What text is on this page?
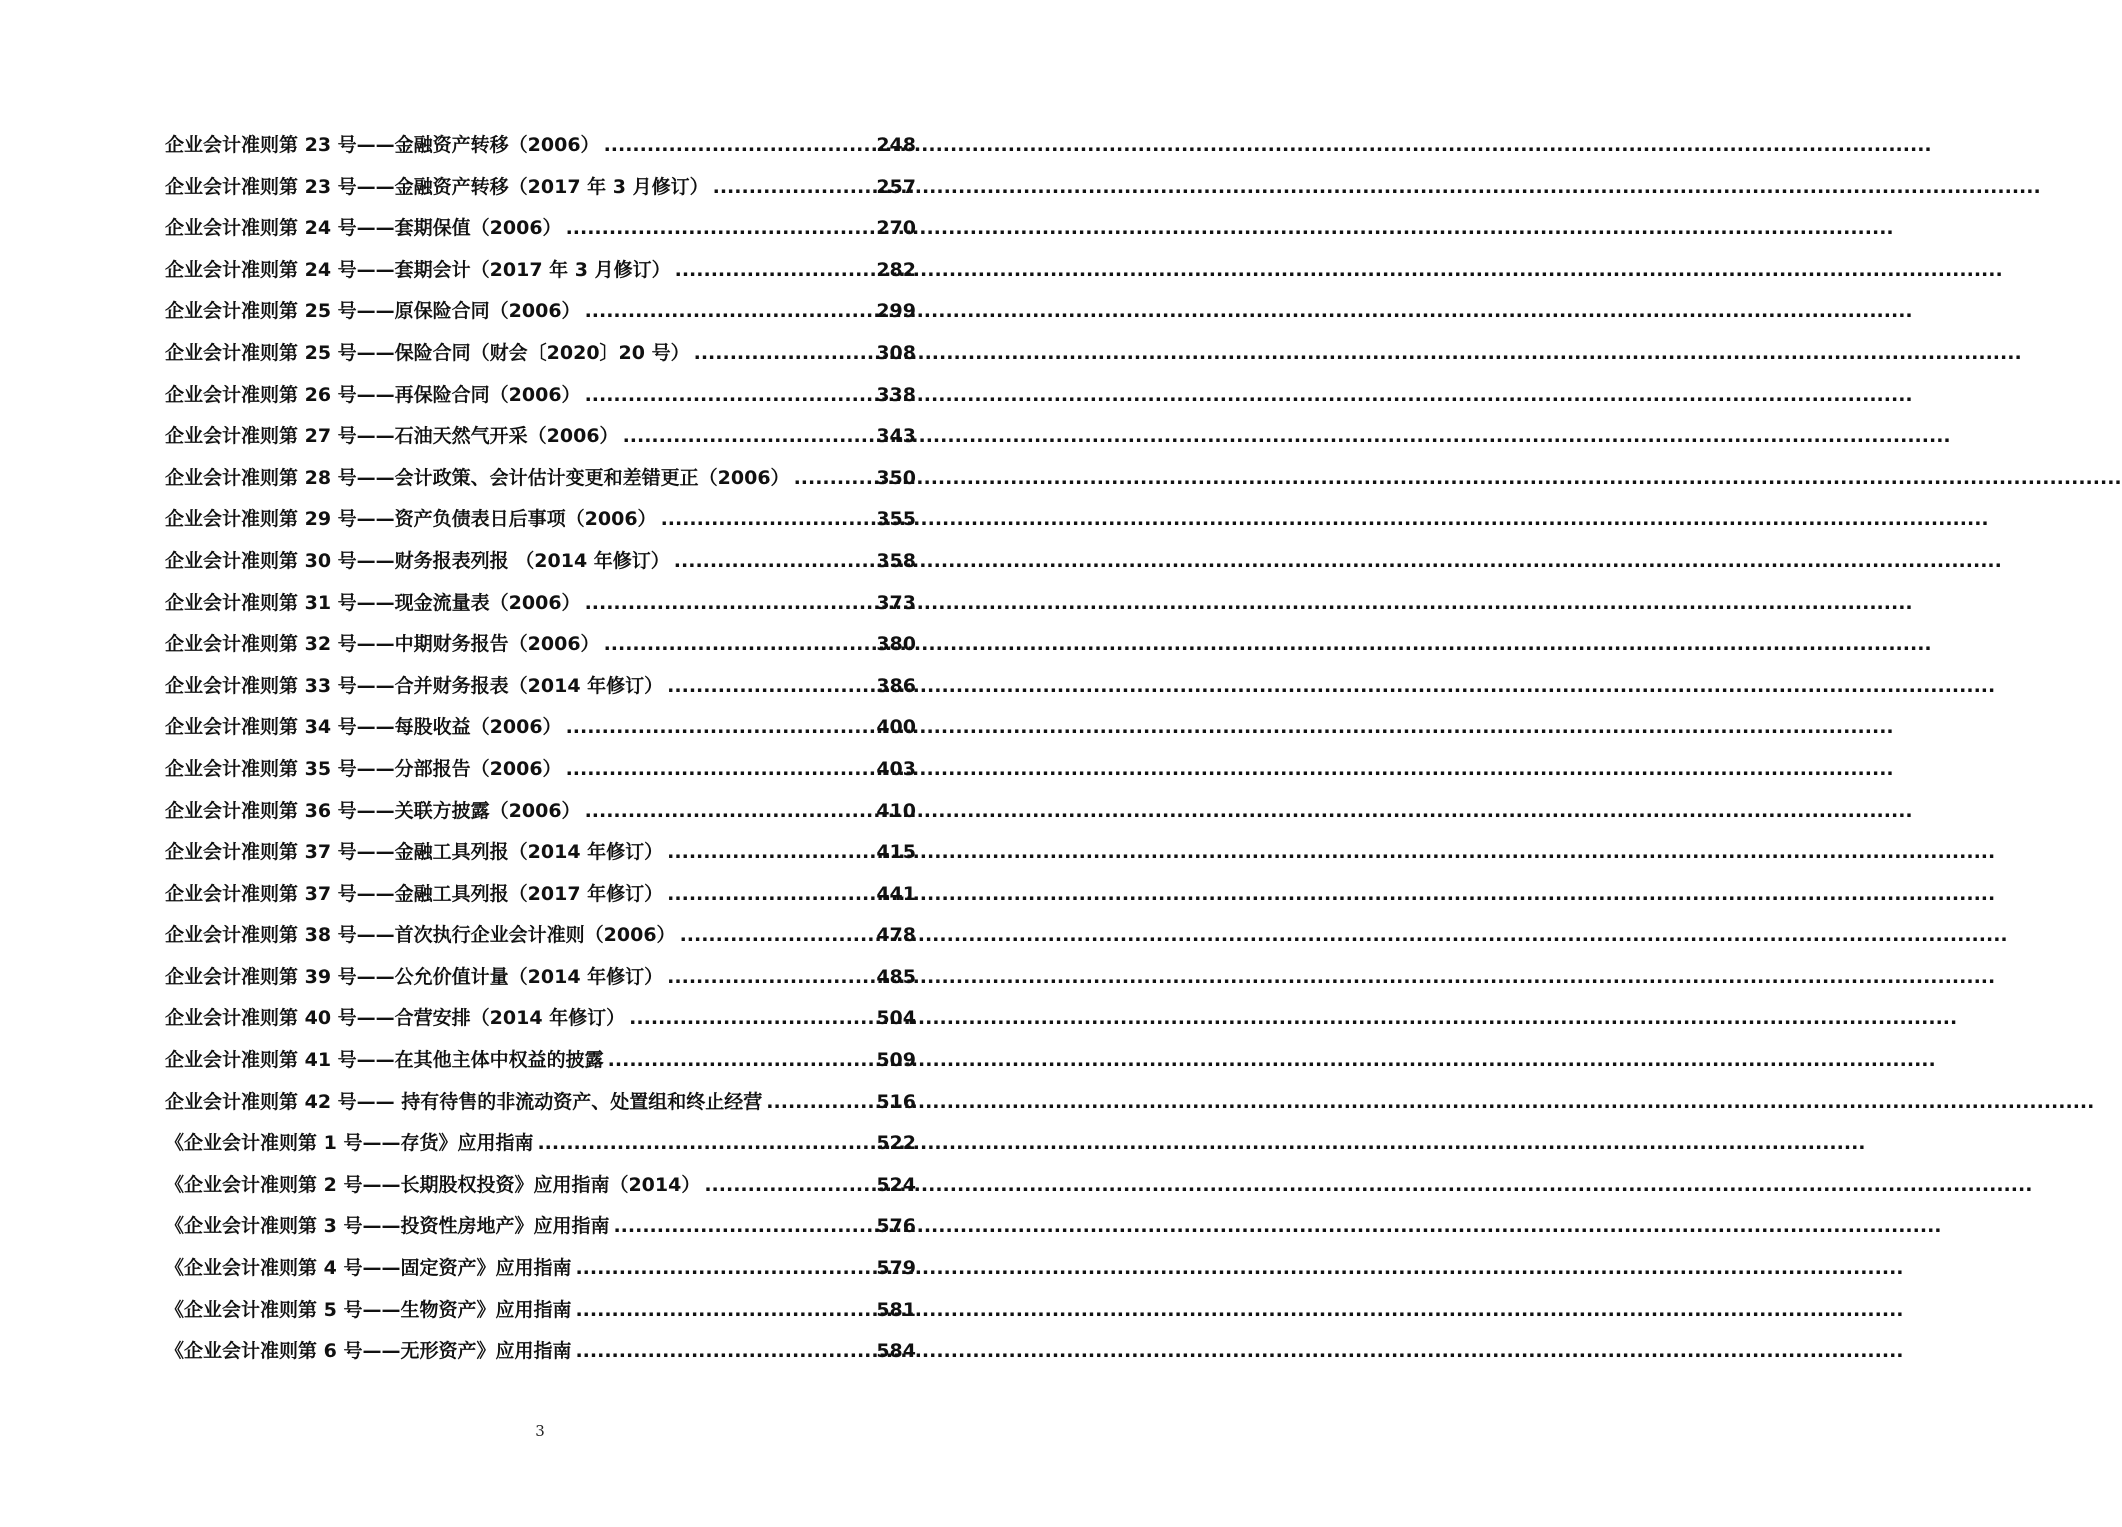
企业会计准则第 23 号——金融资产转移（2006） .....	248
企业会计准则第 23 号——金融资产转移（2017 年 3 月修订） .....	257
企业会计准则第 24 号——套期保值（2006） .....	270
企业会计准则第 24 号——套期会计（2017 年 3 月修订） .....	282
企业会计准则第 25 号——原保险合同（2006） .....	299
企业会计准则第 25 号——保险合同（财会〔2020〕20 号） .....	308
企业会计准则第 26 号——再保险合同（2006） .....	338
企业会计准则第 27 号——石油天然气开采（2006） .....	343
企业会计准则第 28 号——会计政策、会计估计变更和差错更正（2006） .....	350
企业会计准则第 29 号——资产负债表日后事项（2006） .....	355
企业会计准则第 30 号——财务报表列报 （2014 年修订） .....	358
企业会计准则第 31 号——现金流量表（2006） .....	373
企业会计准则第 32 号——中期财务报告（2006） .....	380
企业会计准则第 33 号——合并财务报表（2014 年修订） .....	386
企业会计准则第 34 号——每股收益（2006） .....	400
企业会计准则第 35 号——分部报告（2006） .....	403
企业会计准则第 36 号——关联方披露（2006） .....	410
企业会计准则第 37 号——金融工具列报（2014 年修订） .....	415
企业会计准则第 37 号——金融工具列报（2017 年修订） .....	441
企业会计准则第 38 号——首次执行企业会计准则（2006） .....	478
企业会计准则第 39 号——公允价值计量（2014 年修订） .....	485
企业会计准则第 40 号——合营安排（2014 年修订） .....	504
企业会计准则第 41 号——在其他主体中权益的披露 .....	509
企业会计准则第 42 号—— 持有待售的非流动资产、处置组和终止经营 .....	516
《企业会计准则第 1 号——存货》应用指南 .....	522
《企业会计准则第 2 号——长期股权投资》应用指南（2014） .....	524
《企业会计准则第 3 号——投资性房地产》应用指南 .....	576
《企业会计准则第 4 号——固定资产》应用指南 .....	579
《企业会计准则第 5 号——生物资产》应用指南 .....	581
《企业会计准则第 6 号——无形资产》应用指南 .....	584
3
